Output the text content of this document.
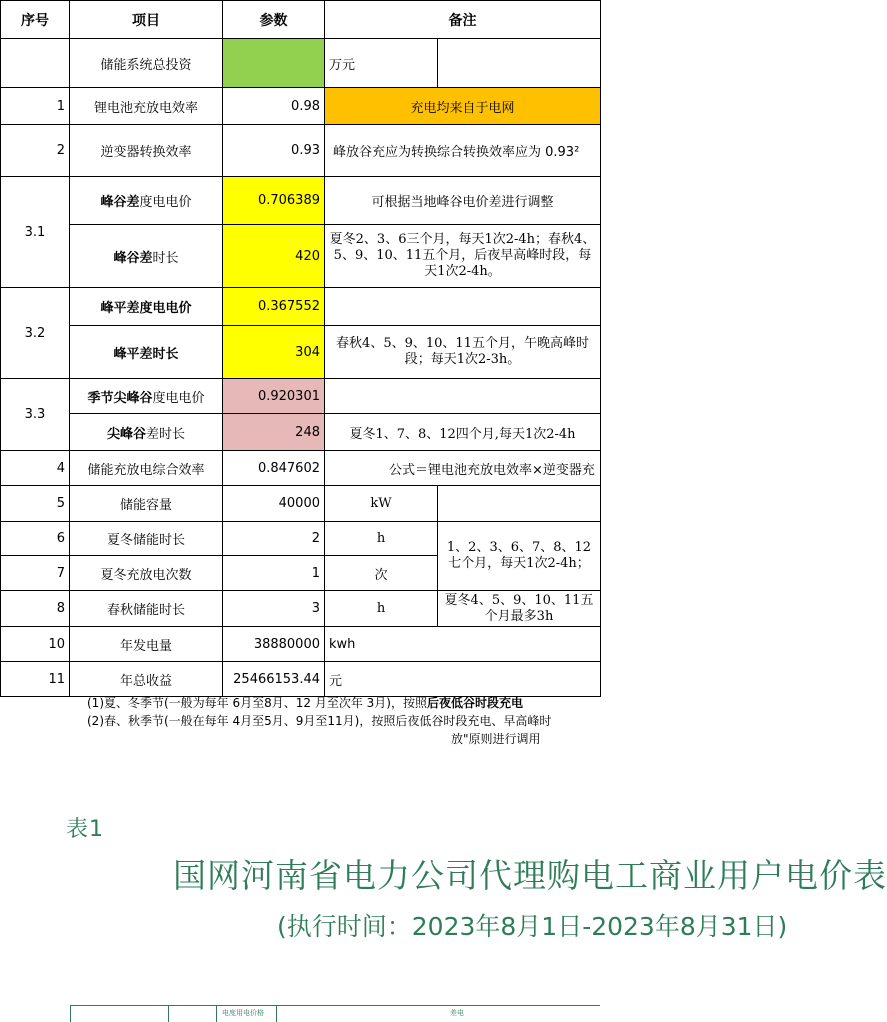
序号	项目	参数	备注	
	储能系统总投资		万元	
1	锂电池充放电效率	0.98	充电均来自于电网	
2	逆变器转换效率	0.93	峰放谷充应为转换综合转换效率应为 0.93²	
3.1	峰谷差度电电价	0.706389	可根据当地峰谷电价差进行调整	
	峰谷差时长	420	夏冬2、3、6三个月，每天1次2-4h；春秋4、5、9、10、11五个月，后夜早高峰时段，每天1次2-4h。	
3.2	峰平差度电电价	0.367552		
	峰平差时长	304	春秋4、5、9、10、11五个月，午晚高峰时段；每天1次2-3h。	
3.3	季节尖峰谷度电电价	0.920301		
	尖峰谷差时长	248	夏冬1、7、8、12四个月,每天1次2-4h	
4	储能充放电综合效率	0.847602	公式＝锂电池充放电效率×逆变器充	
5	储能容量	40000	kW	
6	夏冬储能时长	2	h	1、2、3、6、7、8、12七个月，每天1次2-4h；
7	夏冬充放电次数	1	次	
8	春秋储能时长	3	h	夏冬4、5、9、10、11五个月最多3h
10	年发电量	38880000	kwh	
11	年总收益	25466153.44	元	
(1)夏、冬季节(一般为每年 6月至8月、12 月至次年 3月)，按照后夜低谷时段充电
(2)春、秋季节(一般在每年 4月至5月、9月至11月)，按照后夜低谷时段充电、早高峰时
放"原则进行调用
表1
国网河南省电力公司代理购电工商业用户电价表
(执行时间：2023年8月1日-2023年8月31日)
电度用电价格	差电
